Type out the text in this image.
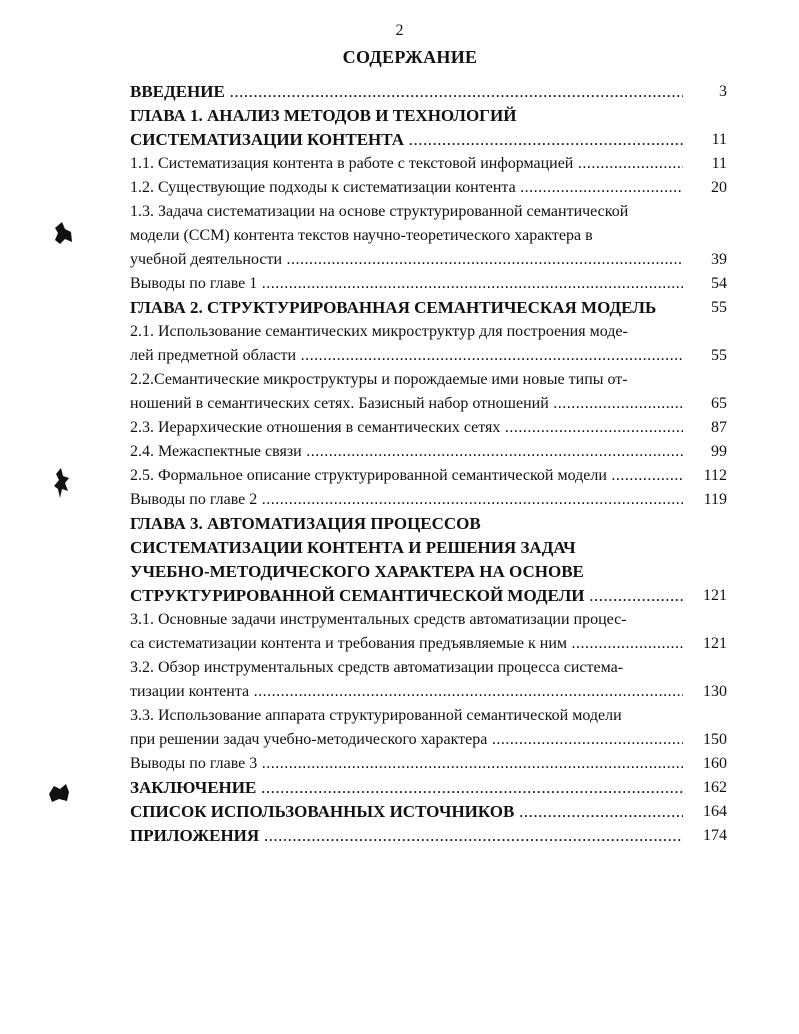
2
СОДЕРЖАНИЕ
ВВЕДЕНИЕ .....	3
ГЛАВА 1. АНАЛИЗ МЕТОДОВ И ТЕХНОЛОГИЙ
СИСТЕМАТИЗАЦИИ КОНТЕНТА .....	11
1.1. Систематизация контента в работе с текстовой информацией .....	11
1.2. Существующие подходы к систематизации контента .....	20
1.3. Задача систематизации на основе структурированной семантической
модели (ССМ) контента текстов научно-теоретического характера в
учебной деятельности .....	39
Выводы по главе 1 .....	54
ГЛАВА 2. СТРУКТУРИРОВАННАЯ СЕМАНТИЧЕСКАЯ МОДЕЛЬ	55
2.1. Использование семантических микроструктур для построения моде-
лей предметной области .....	55
2.2.Семантические микроструктуры и порождаемые ими новые типы от-
ношений в семантических сетях. Базисный набор отношений .....	65
2.3. Иерархические отношения в семантических сетях .....	87
2.4. Межаспектные связи .....	99
2.5. Формальное описание структурированной семантической модели .....	112
Выводы по главе 2 .....	119
ГЛАВА 3. АВТОМАТИЗАЦИЯ ПРОЦЕССОВ
СИСТЕМАТИЗАЦИИ КОНТЕНТА И РЕШЕНИЯ ЗАДАЧ
УЧЕБНО-МЕТОДИЧЕСКОГО ХАРАКТЕРА НА ОСНОВЕ
СТРУКТУРИРОВАННОЙ СЕМАНТИЧЕСКОЙ МОДЕЛИ .....	121
3.1. Основные задачи инструментальных средств автоматизации процес-
са систематизации контента и требования предъявляемые к ним .....	121
3.2. Обзор инструментальных средств автоматизации процесса система-
тизации контента .....	130
3.3. Использование аппарата структурированной семантической модели
при решении задач учебно-методического характера .....	150
Выводы по главе 3 .....	160
ЗАКЛЮЧЕНИЕ .....	162
СПИСОК ИСПОЛЬЗОВАННЫХ ИСТОЧНИКОВ .....	164
ПРИЛОЖЕНИЯ .....	174
